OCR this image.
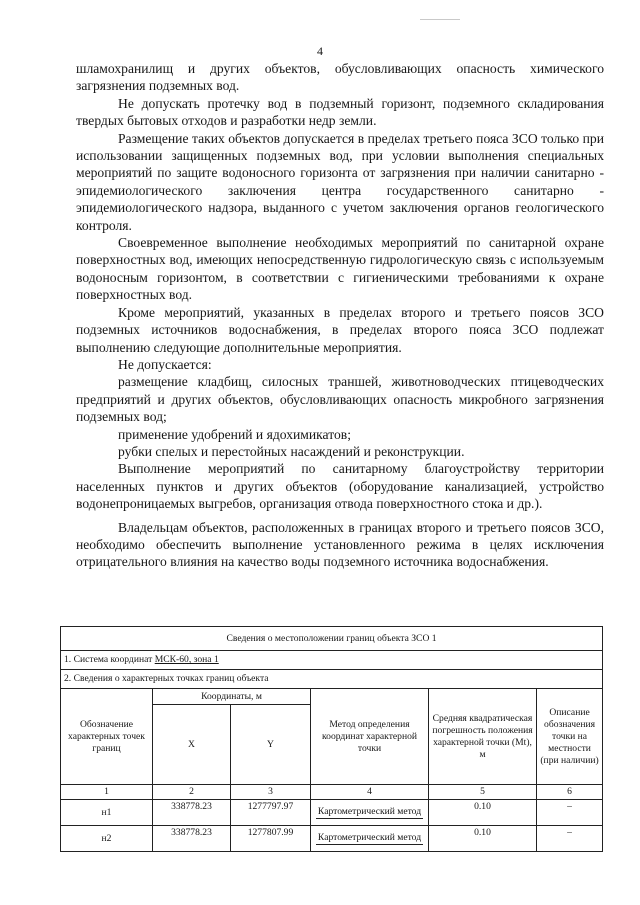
4

шламохранилищ и других объектов, обусловливающих опасность химического загрязнения подземных вод.

Не допускать протечку вод в подземный горизонт, подземного складирования твердых бытовых отходов и разработки недр земли.

Размещение таких объектов допускается в пределах третьего пояса ЗСО только при использовании защищенных подземных вод, при условии выполнения специальных мероприятий по защите водоносного горизонта от загрязнения при наличии санитарно - эпидемиологического заключения центра государственного санитарно - эпидемиологического надзора, выданного с учетом заключения органов геологического контроля.

Своевременное выполнение необходимых мероприятий по санитарной охране поверхностных вод, имеющих непосредственную гидрологическую связь с используемым водоносным горизонтом, в соответствии с гигиеническими требованиями к охране поверхностных вод.

Кроме мероприятий, указанных в пределах второго и третьего поясов ЗСО подземных источников водоснабжения, в пределах второго пояса ЗСО подлежат выполнению следующие дополнительные мероприятия.

Не допускается:

размещение кладбищ, силосных траншей, животноводческих птицеводческих предприятий и других объектов, обусловливающих опасность микробного загрязнения подземных вод;

применение удобрений и ядохимикатов;

рубки спелых и перестойных насаждений и реконструкции.

Выполнение мероприятий по санитарному благоустройству территории населенных пунктов и других объектов (оборудование канализацией, устройство водонепроницаемых выгребов, организация отвода поверхностного стока и др.).

Владельцам объектов, расположенных в границах второго и третьего поясов ЗСО, необходимо обеспечить выполнение установленного режима в целях исключения отрицательного влияния на качество воды подземного источника водоснабжения.

Сведения о местоположении границ объекта ЗСО 1					
1. Система координат МСК-60, зона 1					
2. Сведения о характерных точках границ объекта					
Обозначение характерных точек границ	Координаты, м		Метод определения координат характерной точки	Средняя квадратическая погрешность положения характерной точки (Mt), м	Описание обозначения точки на местности (при наличии)
	X	Y			
1	2	3	4	5	6
н1	338778.23	1277797.97	Картометрический метод	0.10	–
н2	338778.23	1277807.99	Картометрический метод	0.10	–
